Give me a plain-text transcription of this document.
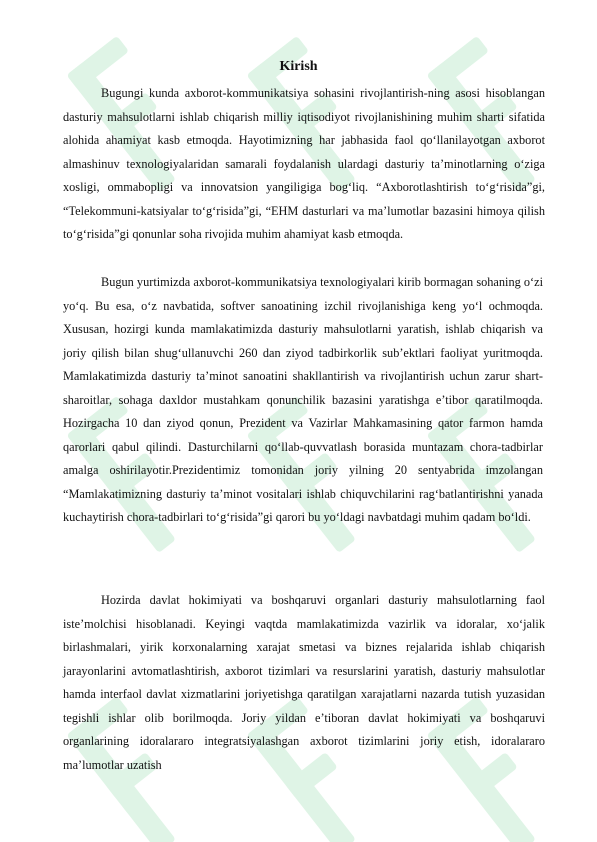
Kirish

Bugungi kunda axborot-kommunikatsiya sohasini rivojlantirish-ning asosi hisoblangan dasturiy mahsulotlarni ishlab chiqarish milliy iqtisodiyot rivojlanishining muhim sharti sifatida alohida ahamiyat kasb etmoqda. Hayotimizning har jabhasida faol qo‘llanilayotgan axborot almashinuv texnologiyalaridan samarali foydalanish ulardagi dasturiy ta’minotlarning o‘ziga xosligi, ommabopligi va innovatsion yangiligiga bog‘liq. “Axborotlashtirish to‘g‘risida”gi, “Telekommuni-katsiyalar to‘g‘risida”gi, “EHM dasturlari va ma’lumotlar bazasini himoya qilish to‘g‘risida”gi qonunlar soha rivojida muhim ahamiyat kasb etmoqda.

Bugun yurtimizda axborot-kommunikatsiya texnologiyalari kirib bormagan sohaning o‘zi yo‘q. Bu esa, o‘z navbatida, softver sanoatining izchil rivojlanishiga keng yo‘l ochmoqda. Xususan, hozirgi kunda mamlakatimizda dasturiy mahsulotlarni yaratish, ishlab chiqarish va joriy qilish bilan shug‘ullanuvchi 260 dan ziyod tadbirkorlik sub’ektlari faoliyat yuritmoqda. Mamlakatimizda dasturiy ta’minot sanoatini shakllantirish va rivojlantirish uchun zarur shart-sharoitlar, sohaga daxldor mustahkam qonunchilik bazasini yaratishga e’tibor qaratilmoqda. Hozirgacha 10 dan ziyod qonun, Prezident va Vazirlar Mahkamasining qator farmon hamda qarorlari qabul qilindi. Dasturchilarni qo‘llab-quvvatlash borasida muntazam chora-tadbirlar amalga oshirilayotir.Prezidentimiz tomonidan joriy yilning 20 sentyabrida imzolangan “Mamlakatimizning dasturiy ta’minot vositalari ishlab chiquvchilarini rag‘batlantirishni yanada kuchaytirish chora-tadbirlari to‘g‘risida”gi qarori bu yo‘ldagi navbatdagi muhim qadam bo‘ldi.

Hozirda davlat hokimiyati va boshqaruvi organlari dasturiy mahsulotlarning faol iste’molchisi hisoblanadi. Keyingi vaqtda mamlakatimizda vazirlik va idoralar, xo‘jalik birlashmalari, yirik korxonalarning xarajat smetasi va biznes rejalarida ishlab chiqarish jarayonlarini avtomatlashtirish, axborot tizimlari va resurslarini yaratish, dasturiy mahsulotlar hamda interfaol davlat xizmatlarini joriyetishga qaratilgan xarajatlarni nazarda tutish yuzasidan tegishli ishlar olib borilmoqda. Joriy yildan e’tiboran davlat hokimiyati va boshqaruvi organlarining idoralararo integratsiyalashgan axborot tizimlarini joriy etish, idoralararo ma’lumotlar uzatish
